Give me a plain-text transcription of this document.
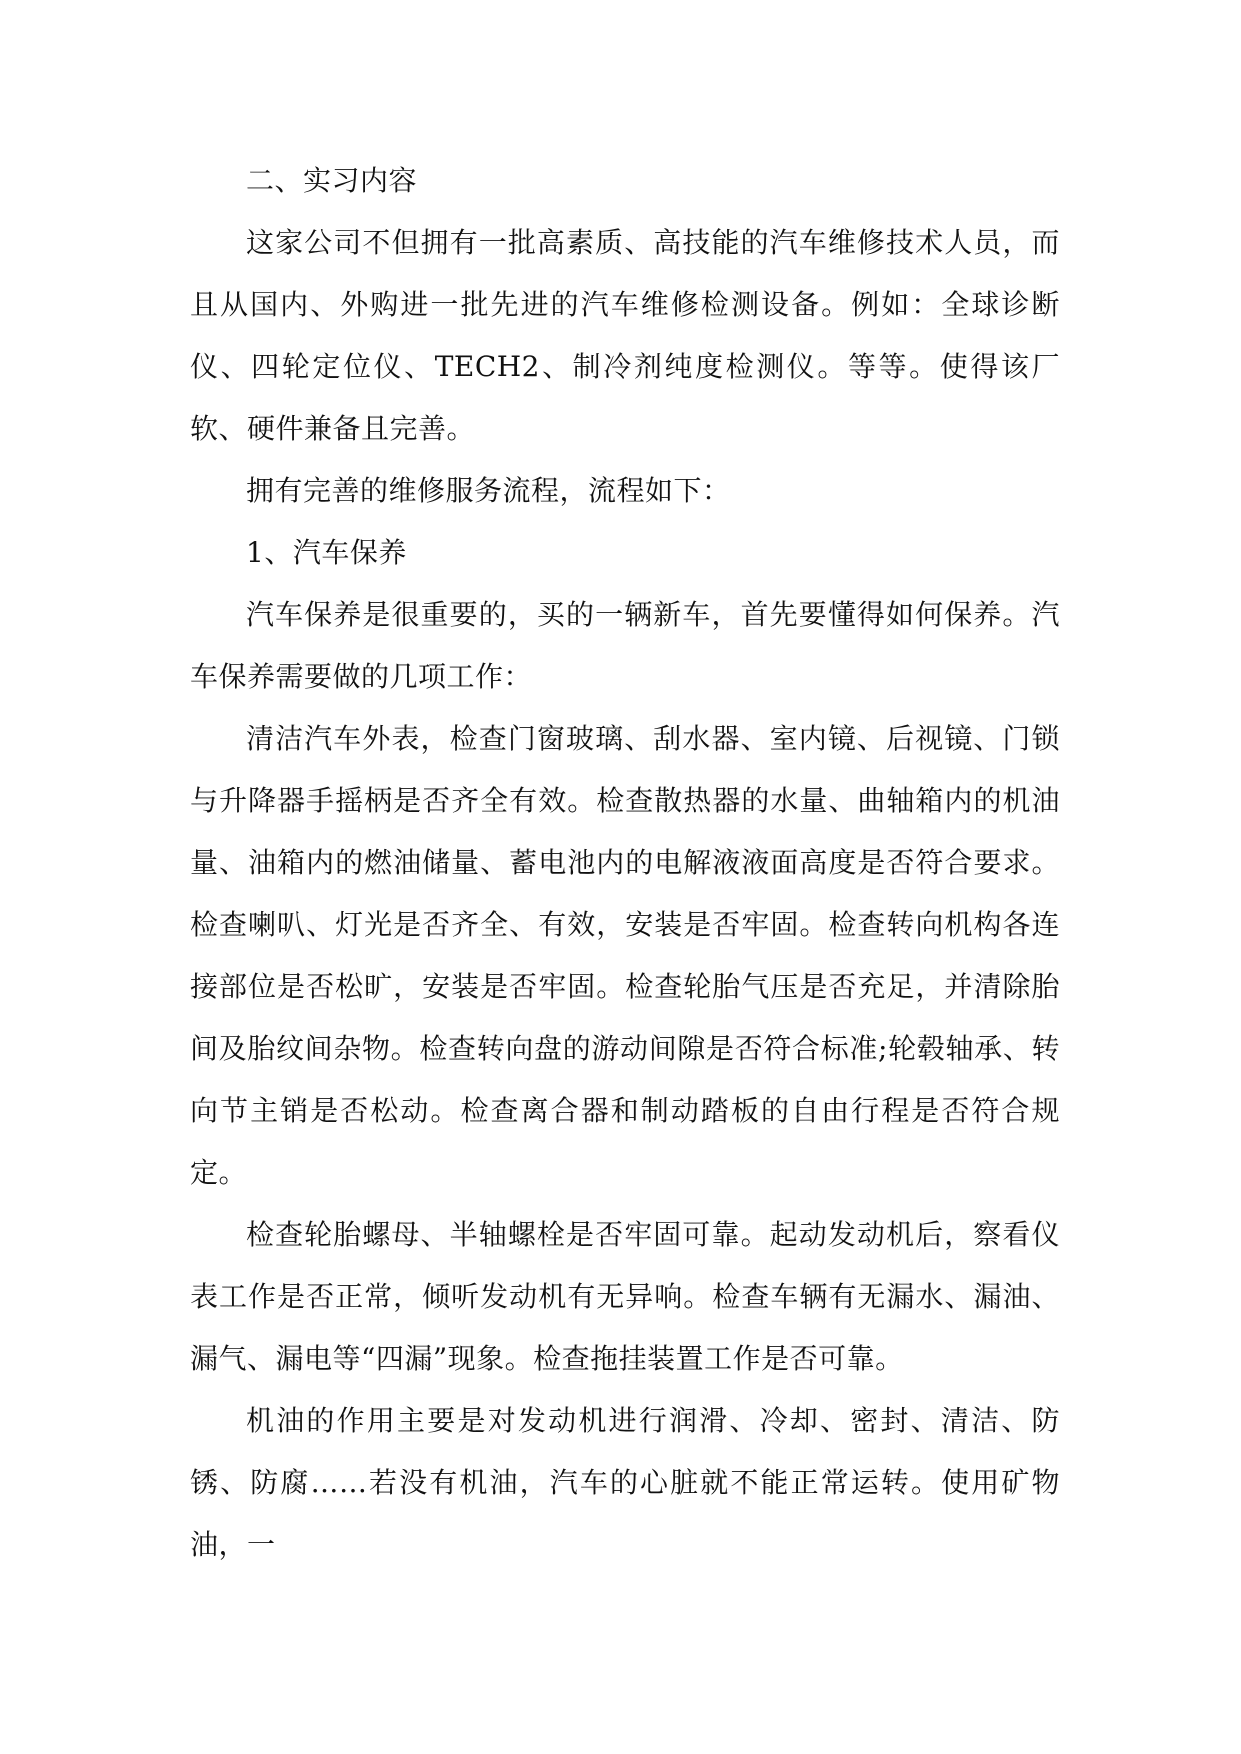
二、实习内容

这家公司不但拥有一批高素质、高技能的汽车维修技术人员，而且从国内、外购进一批先进的汽车维修检测设备。例如：全球诊断仪、四轮定位仪、TECH2、制冷剂纯度检测仪。等等。使得该厂软、硬件兼备且完善。

拥有完善的维修服务流程，流程如下：

1、汽车保养

汽车保养是很重要的，买的一辆新车，首先要懂得如何保养。汽车保养需要做的几项工作：

清洁汽车外表，检查门窗玻璃、刮水器、室内镜、后视镜、门锁与升降器手摇柄是否齐全有效。检查散热器的水量、曲轴箱内的机油量、油箱内的燃油储量、蓄电池内的电解液液面高度是否符合要求。检查喇叭、灯光是否齐全、有效，安装是否牢固。检查转向机构各连接部位是否松旷，安装是否牢固。检查轮胎气压是否充足，并清除胎间及胎纹间杂物。检查转向盘的游动间隙是否符合标准;轮毂轴承、转向节主销是否松动。检查离合器和制动踏板的自由行程是否符合规定。

检查轮胎螺母、半轴螺栓是否牢固可靠。起动发动机后，察看仪表工作是否正常，倾听发动机有无异响。检查车辆有无漏水、漏油、漏气、漏电等“四漏”现象。检查拖挂装置工作是否可靠。

机油的作用主要是对发动机进行润滑、冷却、密封、清洁、防锈、防腐……若没有机油，汽车的心脏就不能正常运转。使用矿物油，一
